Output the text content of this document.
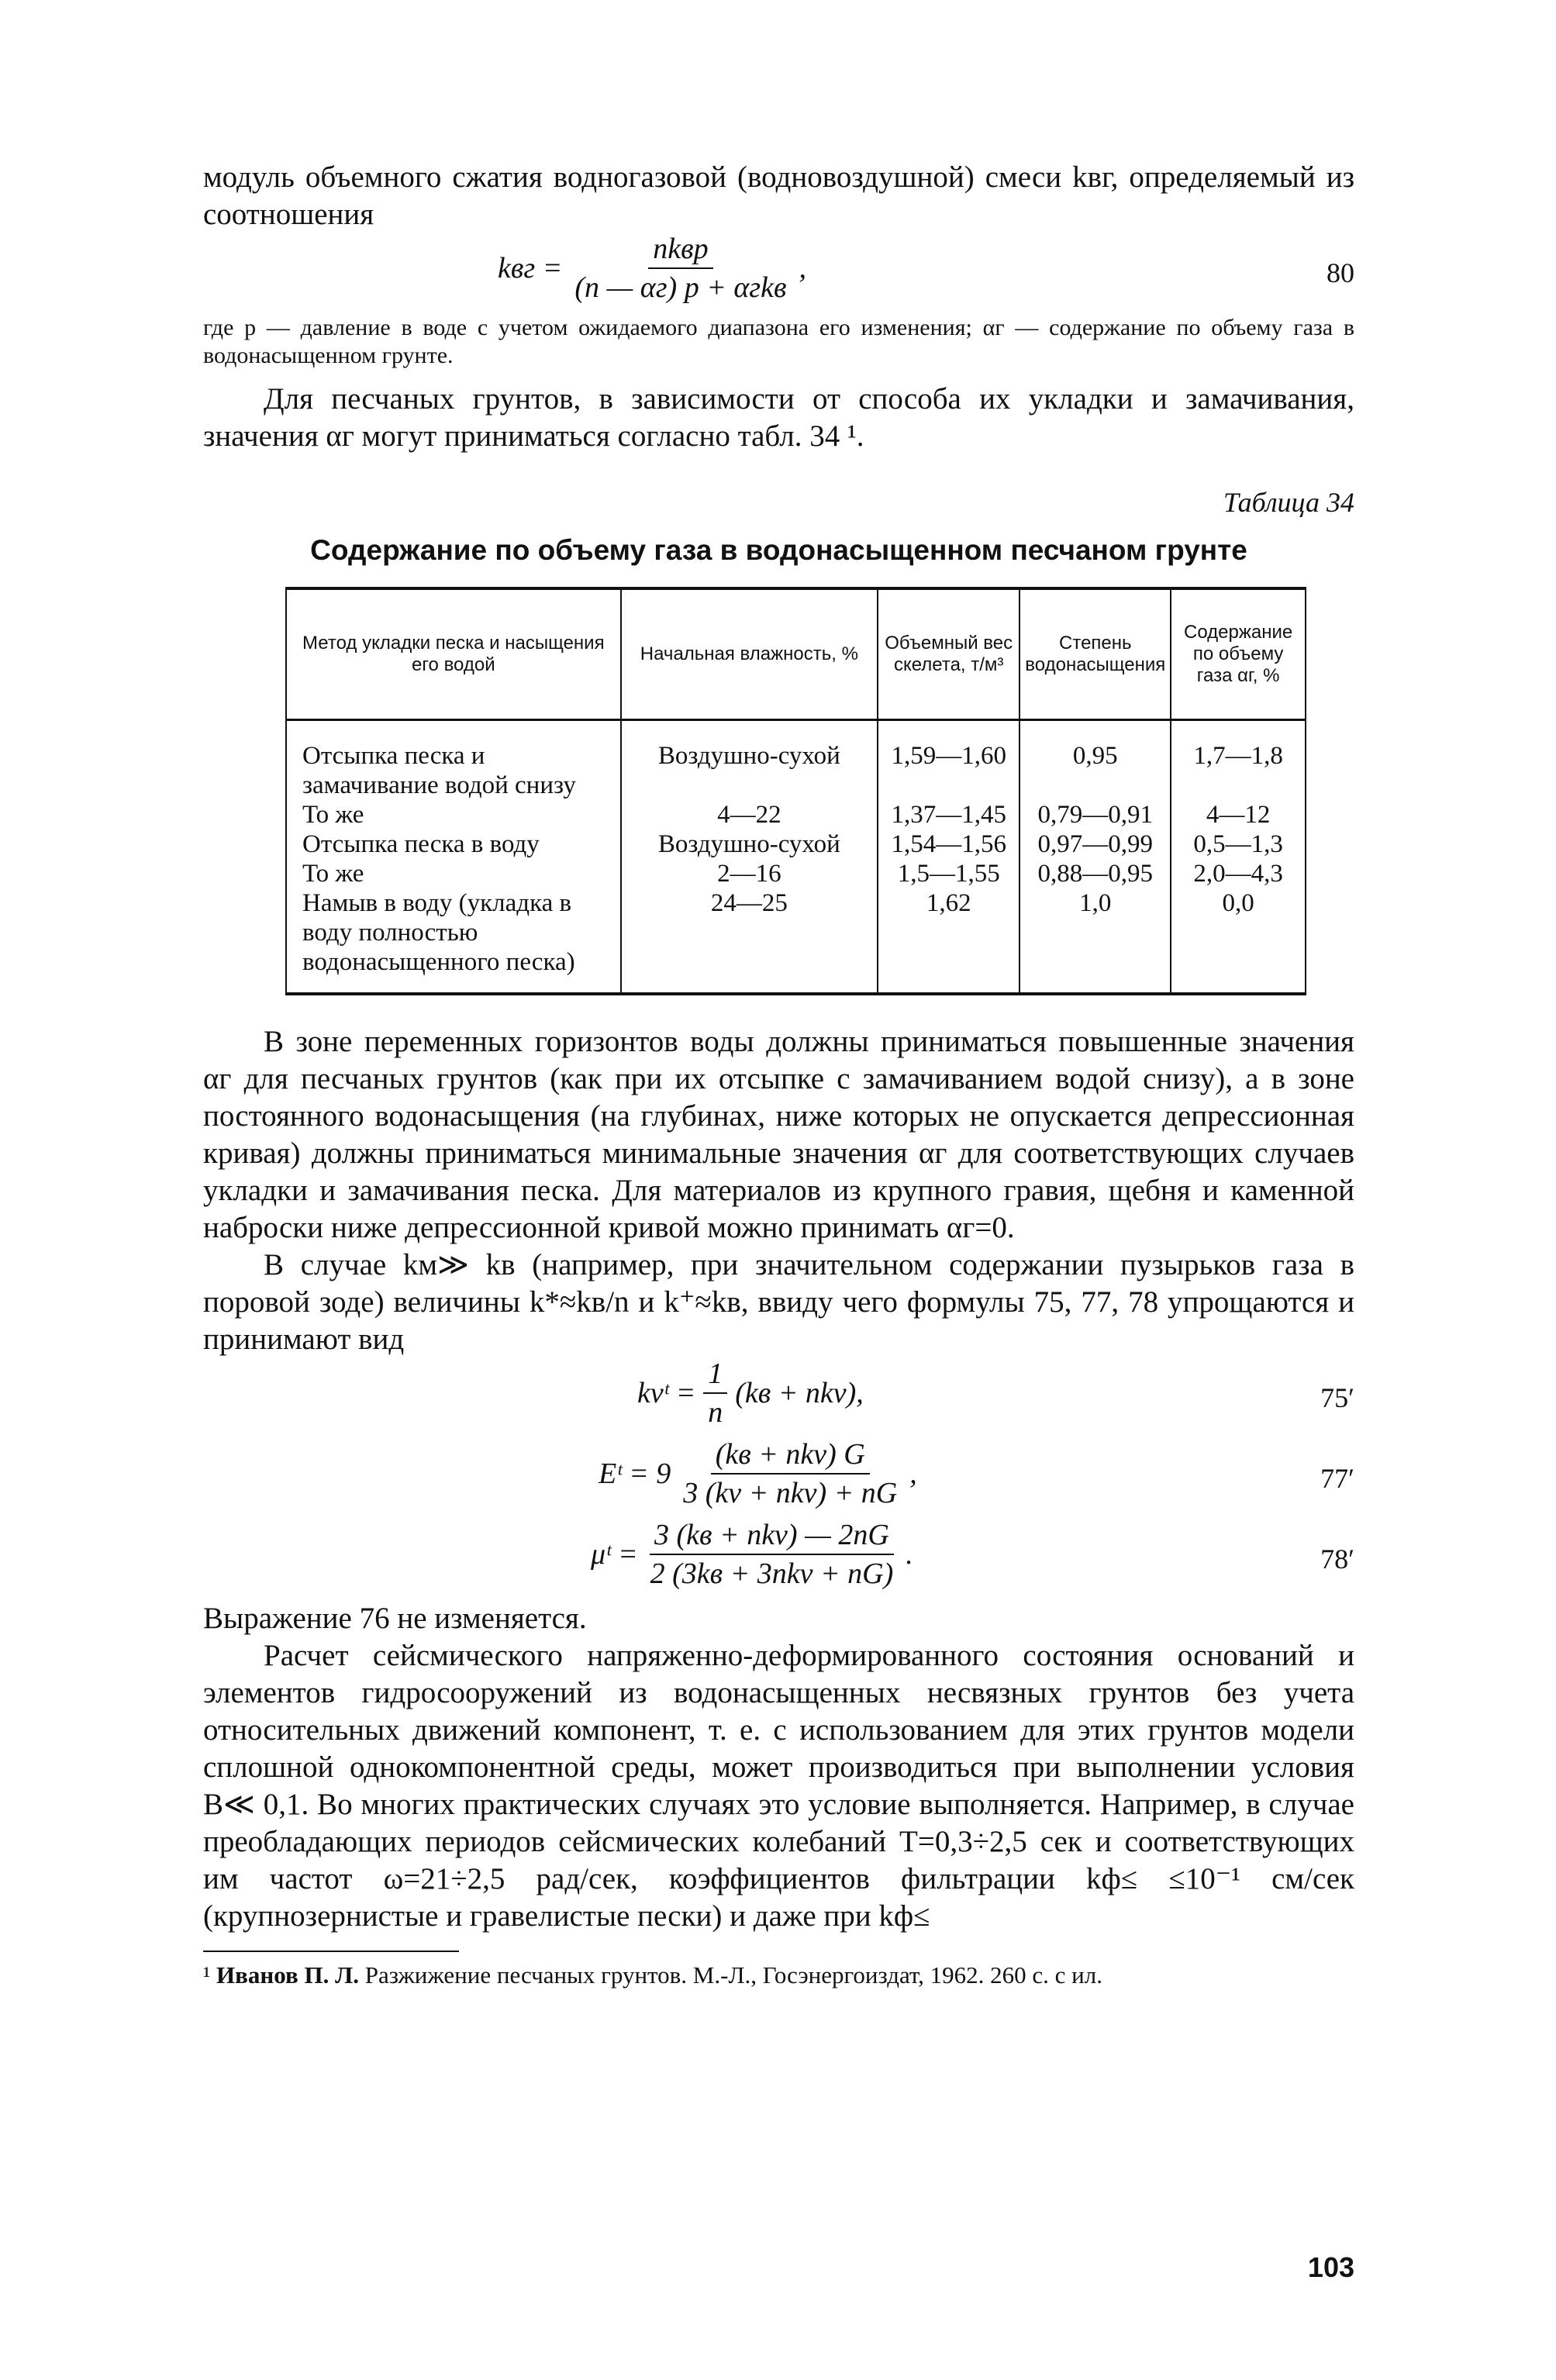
модуль объемного сжатия водногазовой (водновоздушной) смеси kвг, определяемый из соотношения

kвг = $\frac{\text{nkвp}}{\text{(n — αг) p + αгkв}}$ ,	80

где p — давление в воде с учетом ожидаемого диапазона его изменения; αг — содержание по объему газа в водонасыщенном грунте.

Для песчаных грунтов, в зависимости от способа их укладки и замачивания, значения αг могут приниматься согласно табл. 34 ¹.

Таблица 34
Содержание по объему газа в водонасыщенном песчаном грунте
Метод укладки песка и насыщения его водой	Начальная влажность, %	Объемный вес скелета, т/м³	Степень водонасыщения	Содержание по объему газа αг, %
Отсыпка песка и замачивание водой снизу	Воздушно-сухой	1,59—1,60	0,95	1,7—1,8
То же	4—22	1,37—1,45	0,79—0,91	4—12
Отсыпка песка в воду	Воздушно-сухой	1,54—1,56	0,97—0,99	0,5—1,3
То же	2—16	1,5—1,55	0,88—0,95	2,0—4,3
Намыв в воду (укладка в воду полностью водонасыщенного песка)	24—25	1,62	1,0	0,0

В зоне переменных горизонтов воды должны приниматься повышенные значения αг для песчаных грунтов (как при их отсыпке с замачиванием водой снизу), а в зоне постоянного водонасыщения (на глубинах, ниже которых не опускается депрессионная кривая) должны приниматься минимальные значения αг для соответствующих случаев укладки и замачивания песка. Для материалов из крупного гравия, щебня и каменной наброски ниже депрессионной кривой можно принимать αг=0.

В случае kм≫ kв (например, при значительном содержании пузырьков газа в поровой зоде) величины k*≈kв/n и k⁺≈kв, ввиду чего формулы 75, 77, 78 упрощаются и принимают вид

kvᵗ = $\frac{1}{n} (kв + nkv)$,	75′
Eᵗ = $9 \frac{\text{(kв + nkv) G}}{\text{3 (kv + nkv) + nG}}$ ,	77′
μᵗ = $\frac{\text{3 (kв + nkv) — 2nG}}{\text{2 (3kв + 3nkv + nG)}}$ .	78′

Выражение 76 не изменяется.

Расчет сейсмического напряженно-деформированного состояния оснований и элементов гидросооружений из водонасыщенных несвязных грунтов без учета относительных движений компонент, т. е. с использованием для этих грунтов модели сплошной однокомпонентной среды, может производиться при выполнении условия B≪ 0,1. Во многих практических случаях это условие выполняется. Например, в случае преобладающих периодов сейсмических колебаний T=0,3÷2,5 сек и соответствующих им частот ω=21÷2,5 рад/сек, коэффициентов фильтрации kф≤ ≤10⁻¹ см/сек (крупнозернистые и гравелистые пески) и даже при kф≤

¹ Иванов П. Л. Разжижение песчаных грунтов. М.-Л., Госэнергоиздат, 1962. 260 с. с ил.

103
